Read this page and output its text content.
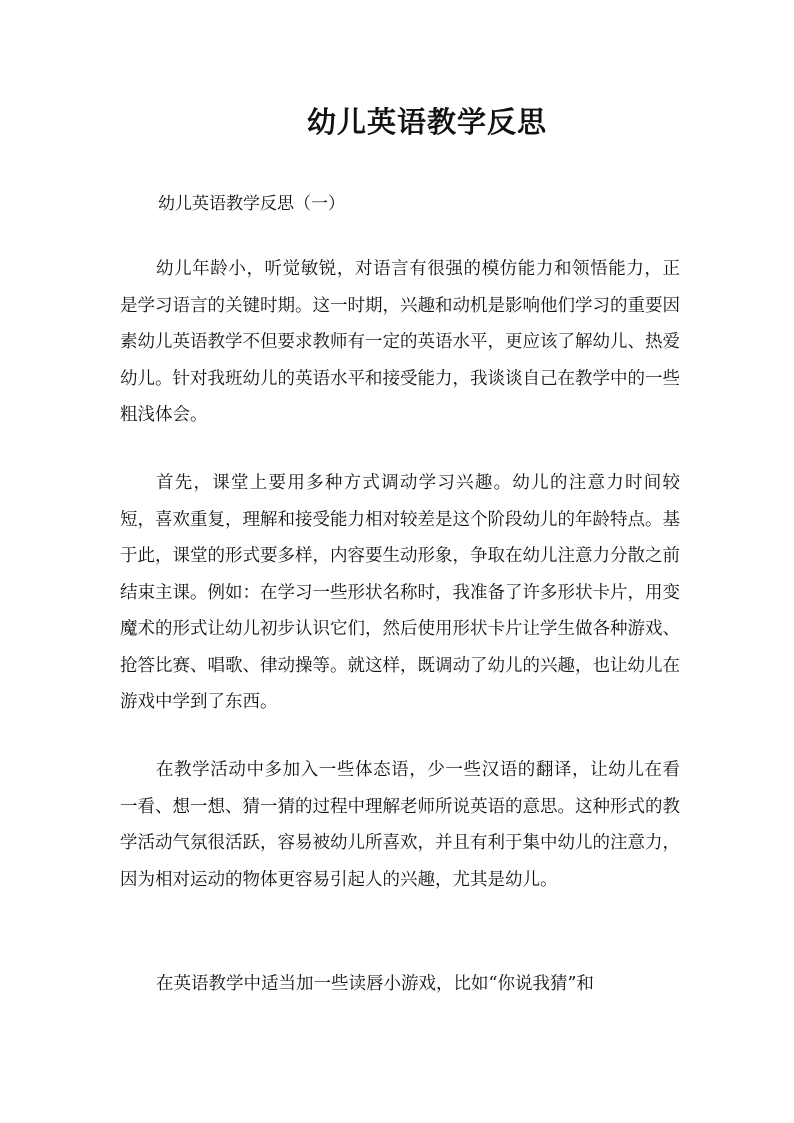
幼儿英语教学反思

幼儿英语教学反思（一）

幼儿年龄小，听觉敏锐，对语言有很强的模仿能力和领悟能力，正是学习语言的关键时期。这一时期，兴趣和动机是影响他们学习的重要因素幼儿英语教学不但要求教师有一定的英语水平，更应该了解幼儿、热爱幼儿。针对我班幼儿的英语水平和接受能力，我谈谈自己在教学中的一些粗浅体会。

首先，课堂上要用多种方式调动学习兴趣。幼儿的注意力时间较短，喜欢重复，理解和接受能力相对较差是这个阶段幼儿的年龄特点。基于此，课堂的形式要多样，内容要生动形象，争取在幼儿注意力分散之前结束主课。例如：在学习一些形状名称时，我准备了许多形状卡片，用变魔术的形式让幼儿初步认识它们，然后使用形状卡片让学生做各种游戏、抢答比赛、唱歌、律动操等。就这样，既调动了幼儿的兴趣，也让幼儿在游戏中学到了东西。

在教学活动中多加入一些体态语，少一些汉语的翻译，让幼儿在看一看、想一想、猜一猜的过程中理解老师所说英语的意思。这种形式的教学活动气氛很活跃，容易被幼儿所喜欢，并且有利于集中幼儿的注意力，因为相对运动的物体更容易引起人的兴趣，尤其是幼儿。

在英语教学中适当加一些读唇小游戏，比如“你说我猜”和
